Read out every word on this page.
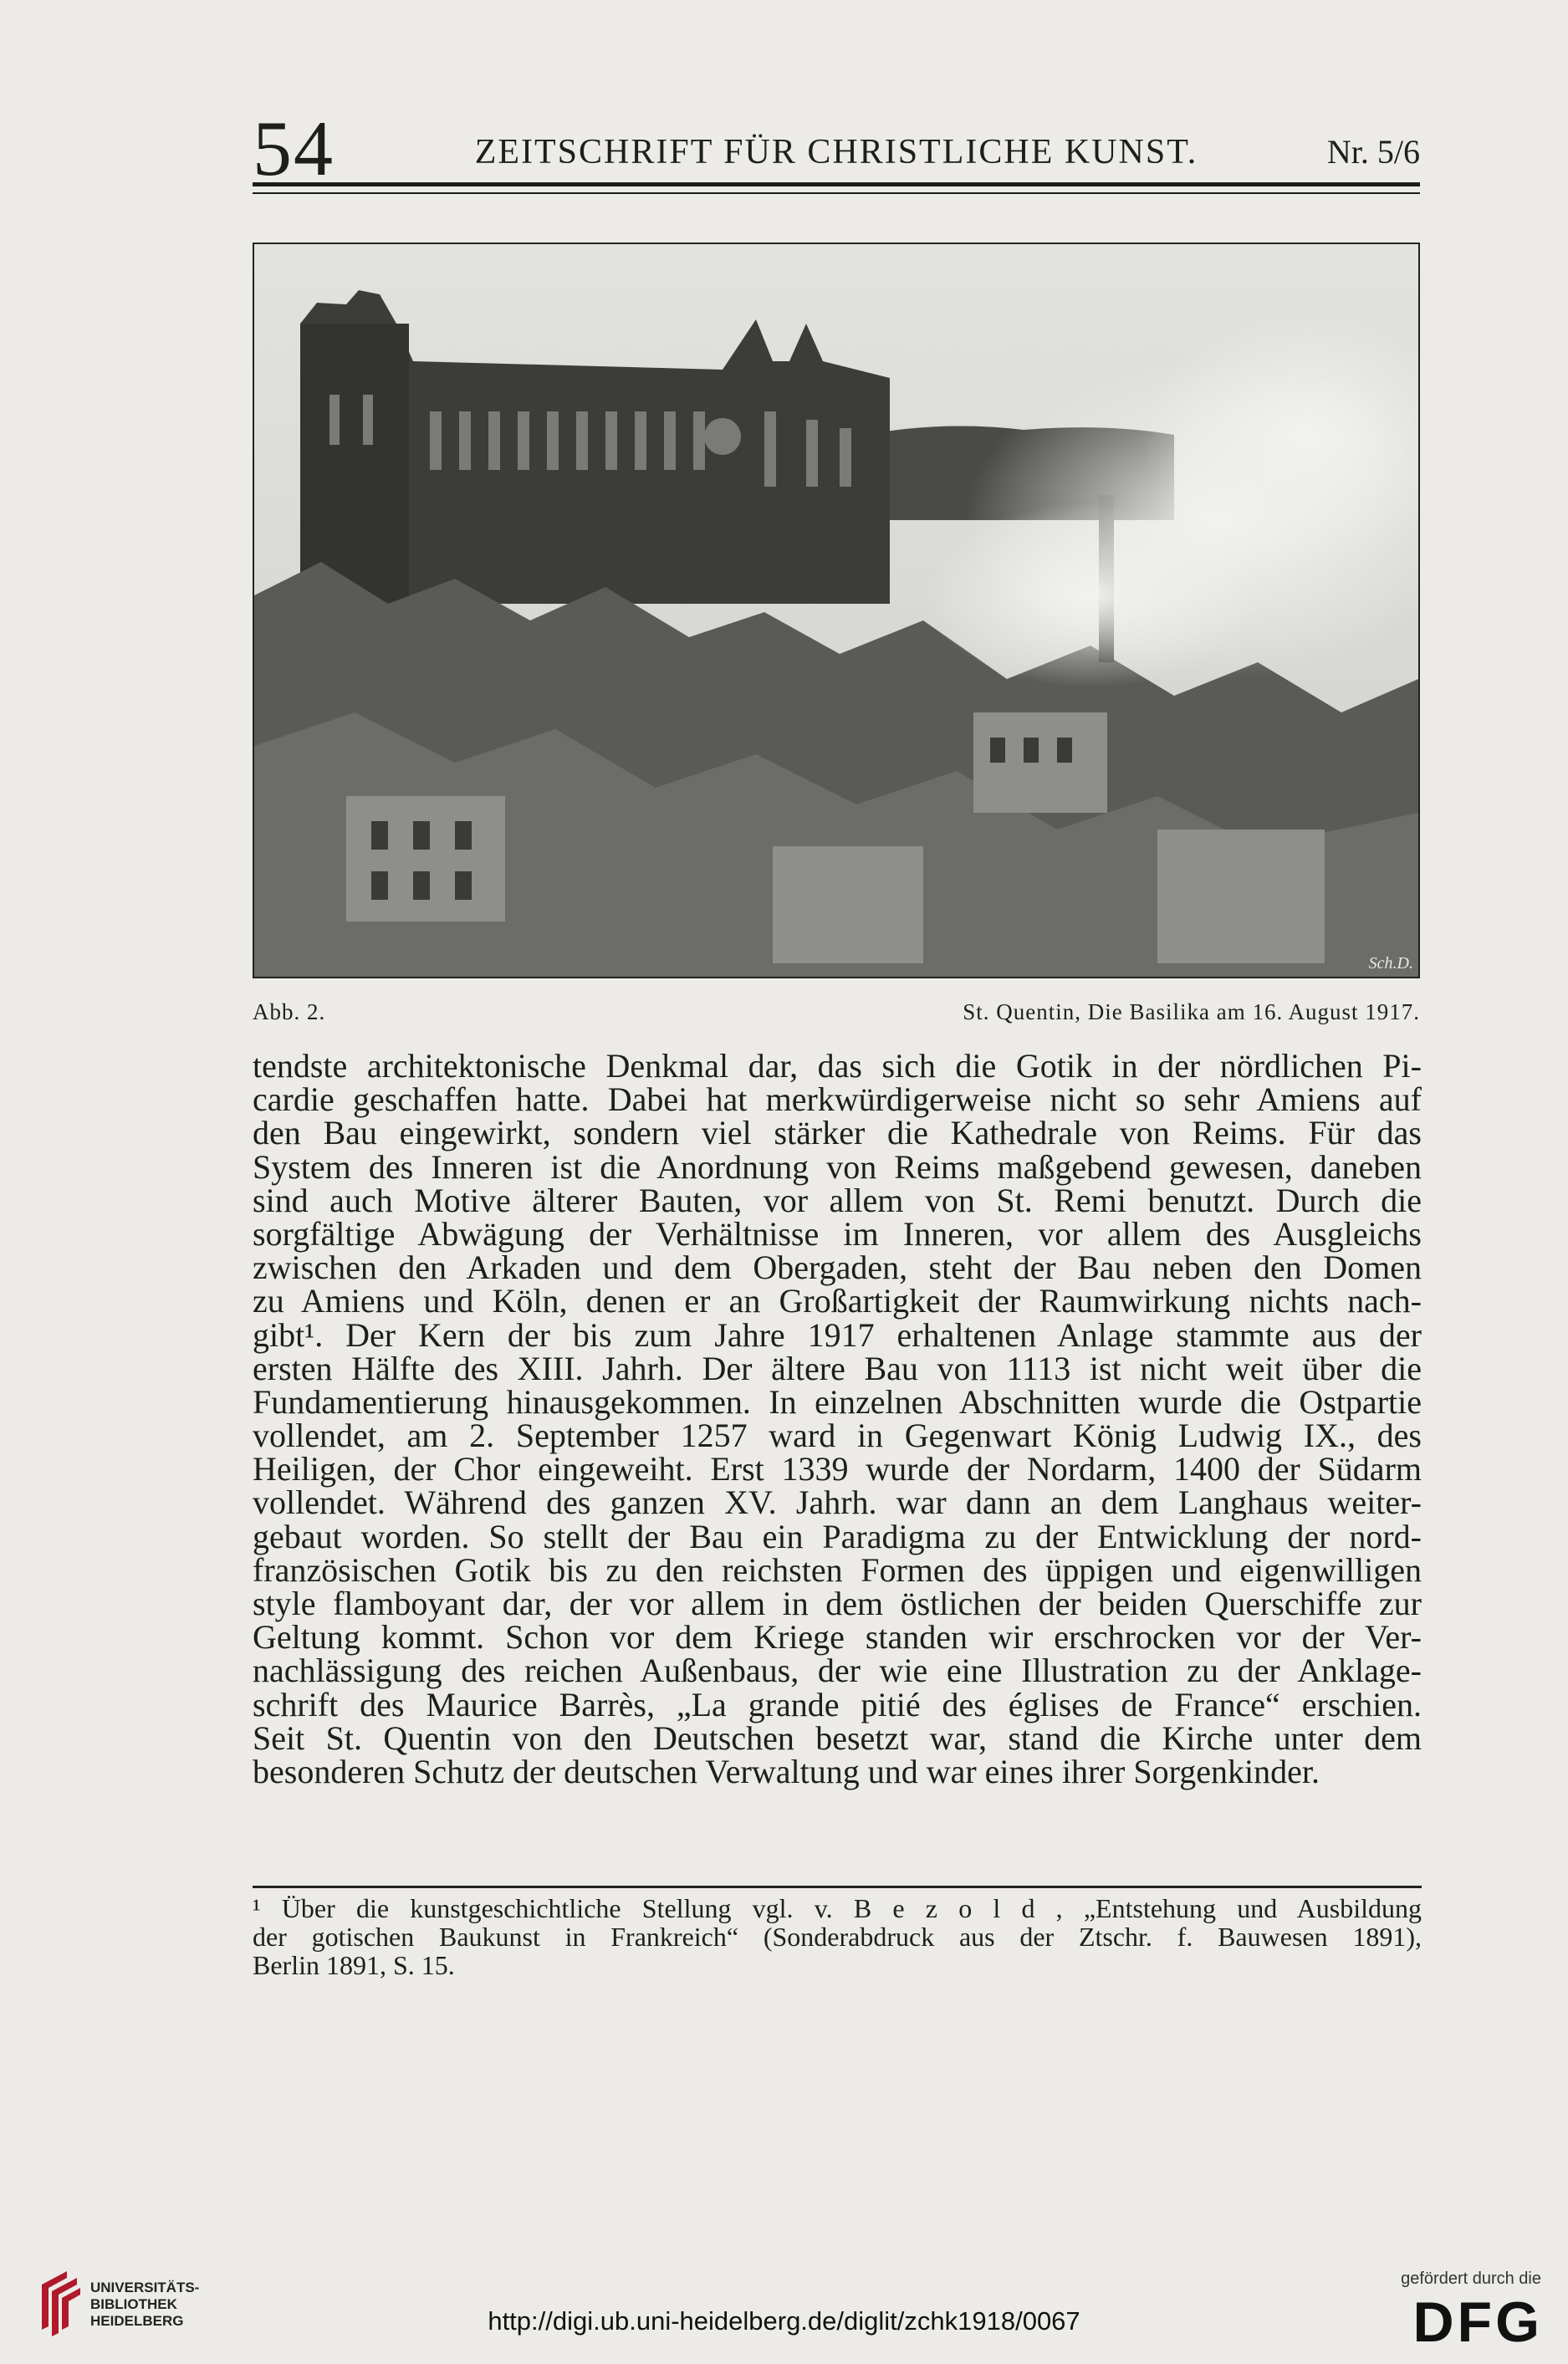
54	ZEITSCHRIFT FÜR CHRISTLICHE KUNST.	Nr. 5/6
Sch.D.
Abb. 2.	St. Quentin, Die Basilika am 16. August 1917.
tendste architektonische Denkmal dar, das sich die Gotik in der nördlichen Pi-
cardie geschaffen hatte. Dabei hat merkwürdigerweise nicht so sehr Amiens auf
den Bau eingewirkt, sondern viel stärker die Kathedrale von Reims. Für das
System des Inneren ist die Anordnung von Reims maßgebend gewesen, daneben
sind auch Motive älterer Bauten, vor allem von St. Remi benutzt. Durch die
sorgfältige Abwägung der Verhältnisse im Inneren, vor allem des Ausgleichs
zwischen den Arkaden und dem Obergaden, steht der Bau neben den Domen
zu Amiens und Köln, denen er an Großartigkeit der Raumwirkung nichts nach-
gibt¹. Der Kern der bis zum Jahre 1917 erhaltenen Anlage stammte aus der
ersten Hälfte des XIII. Jahrh. Der ältere Bau von 1113 ist nicht weit über die
Fundamentierung hinausgekommen. In einzelnen Abschnitten wurde die Ostpartie
vollendet, am 2. September 1257 ward in Gegenwart König Ludwig IX., des
Heiligen, der Chor eingeweiht. Erst 1339 wurde der Nordarm, 1400 der Südarm
vollendet. Während des ganzen XV. Jahrh. war dann an dem Langhaus weiter-
gebaut worden. So stellt der Bau ein Paradigma zu der Entwicklung der nord-
französischen Gotik bis zu den reichsten Formen des üppigen und eigenwilligen
style flamboyant dar, der vor allem in dem östlichen der beiden Querschiffe zur
Geltung kommt. Schon vor dem Kriege standen wir erschrocken vor der Ver-
nachlässigung des reichen Außenbaus, der wie eine Illustration zu der Anklage-
schrift des Maurice Barrès, „La grande pitié des églises de France“ erschien.
Seit St. Quentin von den Deutschen besetzt war, stand die Kirche unter dem
besonderen Schutz der deutschen Verwaltung und war eines ihrer Sorgenkinder.
¹ Über die kunstgeschichtliche Stellung vgl. v. B e z o l d , „Entstehung und Ausbildung
der gotischen Baukunst in Frankreich“ (Sonderabdruck aus der Ztschr. f. Bauwesen 1891),
Berlin 1891, S. 15.
UNIVERSITÄTS-
BIBLIOTHEK
HEIDELBERG	http://digi.ub.uni-heidelberg.de/diglit/zchk1918/0067
gefördert durch die
DFG
